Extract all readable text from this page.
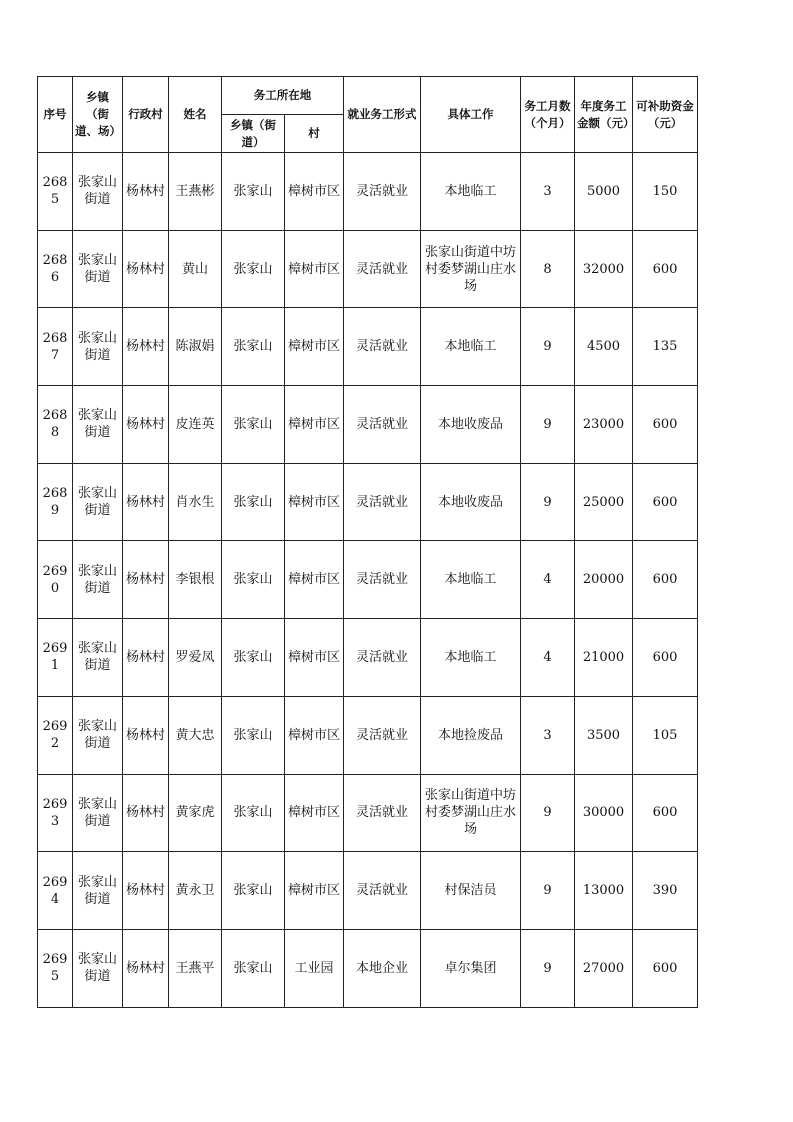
序号	乡镇（街道、场）	行政村	姓名	务工所在地		就业务工形式	具体工作	务工月数（个月）	年度务工金额（元）	可补助资金（元）

				乡镇（街道）	村					

2685	张家山街道	杨林村	王燕彬	张家山	樟树市区	灵活就业	本地临工	3	5000	150

2686	张家山街道	杨林村	黄山	张家山	樟树市区	灵活就业	张家山街道中坊村委梦湖山庄水场	8	32000	600

2687	张家山街道	杨林村	陈淑娟	张家山	樟树市区	灵活就业	本地临工	9	4500	135

2688	张家山街道	杨林村	皮连英	张家山	樟树市区	灵活就业	本地收废品	9	23000	600

2689	张家山街道	杨林村	肖水生	张家山	樟树市区	灵活就业	本地收废品	9	25000	600

2690	张家山街道	杨林村	李银根	张家山	樟树市区	灵活就业	本地临工	4	20000	600

2691	张家山街道	杨林村	罗爱凤	张家山	樟树市区	灵活就业	本地临工	4	21000	600

2692	张家山街道	杨林村	黄大忠	张家山	樟树市区	灵活就业	本地捡废品	3	3500	105

2693	张家山街道	杨林村	黄家虎	张家山	樟树市区	灵活就业	张家山街道中坊村委梦湖山庄水场	9	30000	600

2694	张家山街道	杨林村	黄永卫	张家山	樟树市区	灵活就业	村保洁员	9	13000	390

2695	张家山街道	杨林村	王燕平	张家山	工业园	本地企业	卓尔集团	9	27000	600
